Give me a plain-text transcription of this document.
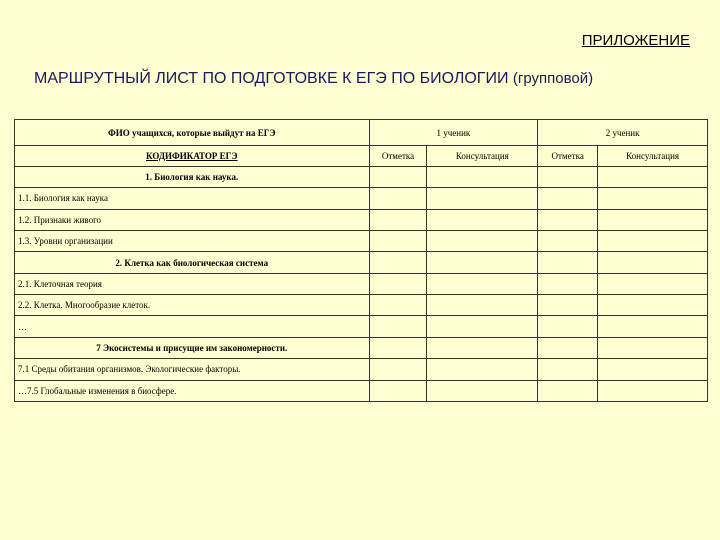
ПРИЛОЖЕНИЕ
МАРШРУТНЫЙ ЛИСТ ПО ПОДГОТОВКЕ К ЕГЭ ПО БИОЛОГИИ (групповой)
ФИО учащихся, которые выйдут на ЕГЭ	1 ученик		2 ученик	
КОДИФИКАТОР ЕГЭ	Отметка	Консультация	Отметка	Консультация
1. Биология как наука.				
1.1. Биология как наука				
1.2. Признаки живого				
1.3. Уровни организации				
2. Клетка как биологическая система				
2.1. Клеточная теория				
2.2. Клетка. Многообразие клеток.				
…				
7 Экосистемы и присущие им закономерности.				
7.1 Среды обитания организмов. Экологические факторы.				
…7.5 Глобальные изменения в биосфере.				
